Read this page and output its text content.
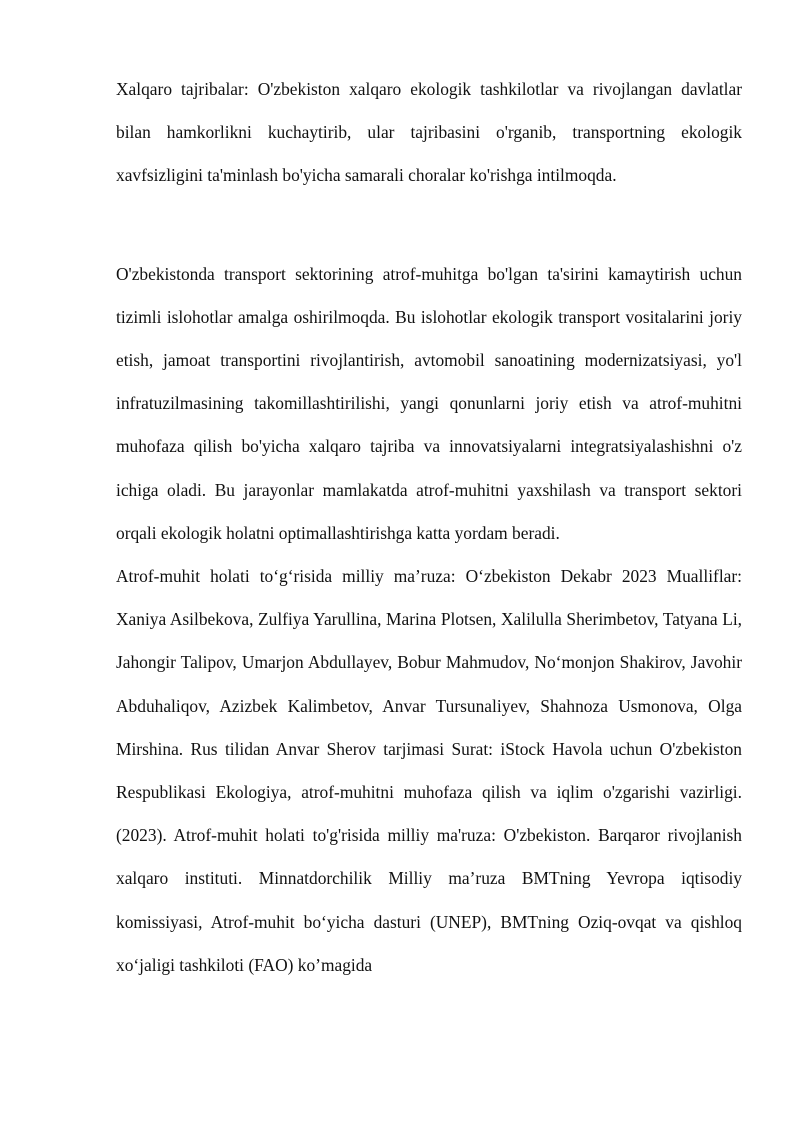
Xalqaro tajribalar: O'zbekiston xalqaro ekologik tashkilotlar va rivojlangan davlatlar bilan hamkorlikni kuchaytirib, ular tajribasini o'rganib, transportning ekologik xavfsizligini ta'minlash bo'yicha samarali choralar ko'rishga intilmoqda.

O'zbekistonda transport sektorining atrof-muhitga bo'lgan ta'sirini kamaytirish uchun tizimli islohotlar amalga oshirilmoqda. Bu islohotlar ekologik transport vositalarini joriy etish, jamoat transportini rivojlantirish, avtomobil sanoatining modernizatsiyasi, yo'l infratuzilmasining takomillashtirilishi, yangi qonunlarni joriy etish va atrof-muhitni muhofaza qilish bo'yicha xalqaro tajriba va innovatsiyalarni integratsiyalashishni o'z ichiga oladi. Bu jarayonlar mamlakatda atrof-muhitni yaxshilash va transport sektori orqali ekologik holatni optimallashtirishga katta yordam beradi.

Atrof-muhit holati to‘g‘risida milliy ma’ruza: O‘zbekiston Dekabr 2023 Mualliflar: Xaniya Asilbekova, Zulfiya Yarullina, Marina Plotsen, Xalilulla Sherimbetov, Tatyana Li, Jahongir Talipov, Umarjon Abdullayev, Bobur Mahmudov, No‘monjon Shakirov, Javohir Abduhaliqov, Azizbek Kalimbetov, Anvar Tursunaliyev, Shahnoza Usmonova, Olga Mirshina. Rus tilidan Anvar Sherov tarjimasi Surat: iStock Havola uchun O'zbekiston Respublikasi Ekologiya, atrof-muhitni muhofaza qilish va iqlim o'zgarishi vazirligi. (2023). Atrof-muhit holati to'g'risida milliy ma'ruza: O'zbekiston. Barqaror rivojlanish xalqaro instituti. Minnatdorchilik Milliy ma’ruza BMTning Yevropa iqtisodiy komissiyasi, Atrof-muhit bo‘yicha dasturi (UNEP), BMTning Oziq-ovqat va qishloq xo‘jaligi tashkiloti (FAO) ko’magida
